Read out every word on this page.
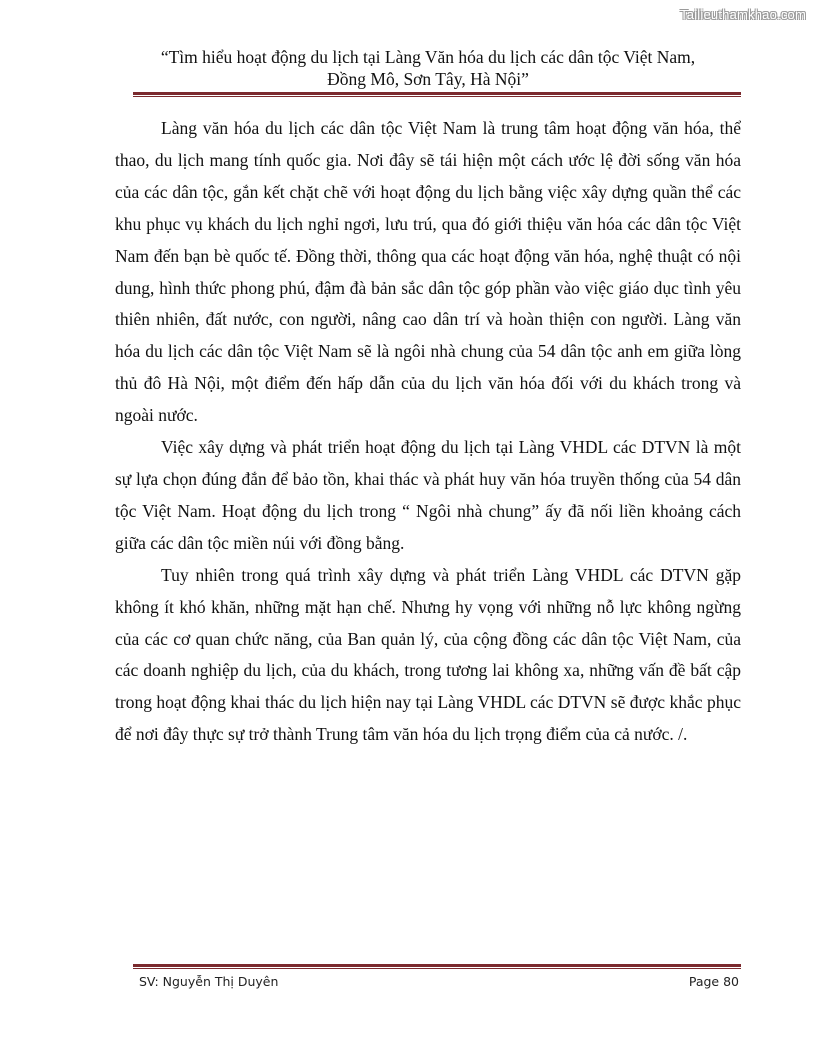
Tailieuthamkhao.com
“Tìm hiểu hoạt động du lịch tại Làng Văn hóa du lịch các dân tộc Việt Nam,
Đồng Mô, Sơn Tây, Hà Nội”

Làng văn hóa du lịch các dân tộc Việt Nam là trung tâm hoạt động văn hóa, thể thao, du lịch mang tính quốc gia. Nơi đây sẽ tái hiện một cách ước lệ đời sống văn hóa của các dân tộc, gắn kết chặt chẽ với hoạt động du lịch bằng việc xây dựng quần thể các khu phục vụ khách du lịch nghỉ ngơi, lưu trú, qua đó giới thiệu văn hóa các dân tộc Việt Nam đến bạn bè quốc tế. Đồng thời, thông qua các hoạt động văn hóa, nghệ thuật có nội dung, hình thức phong phú, đậm đà bản sắc dân tộc góp phần vào việc giáo dục tình yêu thiên nhiên, đất nước, con người, nâng cao dân trí và hoàn thiện con người. Làng văn hóa du lịch các dân tộc Việt Nam sẽ là ngôi nhà chung của 54 dân tộc anh em giữa lòng thủ đô Hà Nội, một điểm đến hấp dẫn của du lịch văn hóa đối với du khách trong và ngoài nước.

Việc xây dựng và phát triển hoạt động du lịch tại Làng VHDL các DTVN là một sự lựa chọn đúng đắn để bảo tồn, khai thác và phát huy văn hóa truyền thống của 54 dân tộc Việt Nam. Hoạt động du lịch trong “ Ngôi nhà chung” ấy đã nối liền khoảng cách giữa các dân tộc miền núi với đồng bằng.

Tuy nhiên trong quá trình xây dựng và phát triển Làng VHDL các DTVN gặp không ít khó khăn, những mặt hạn chế. Nhưng hy vọng với những nỗ lực không ngừng của các cơ quan chức năng, của Ban quản lý, của cộng đồng các dân tộc Việt Nam, của các doanh nghiệp du lịch, của du khách, trong tương lai không xa, những vấn đề bất cập trong hoạt động khai thác du lịch hiện nay tại Làng VHDL các DTVN sẽ được khắc phục để nơi đây thực sự trở thành Trung tâm văn hóa du lịch trọng điểm của cả nước. /.

SV: Nguyễn Thị Duyên	Page 80
